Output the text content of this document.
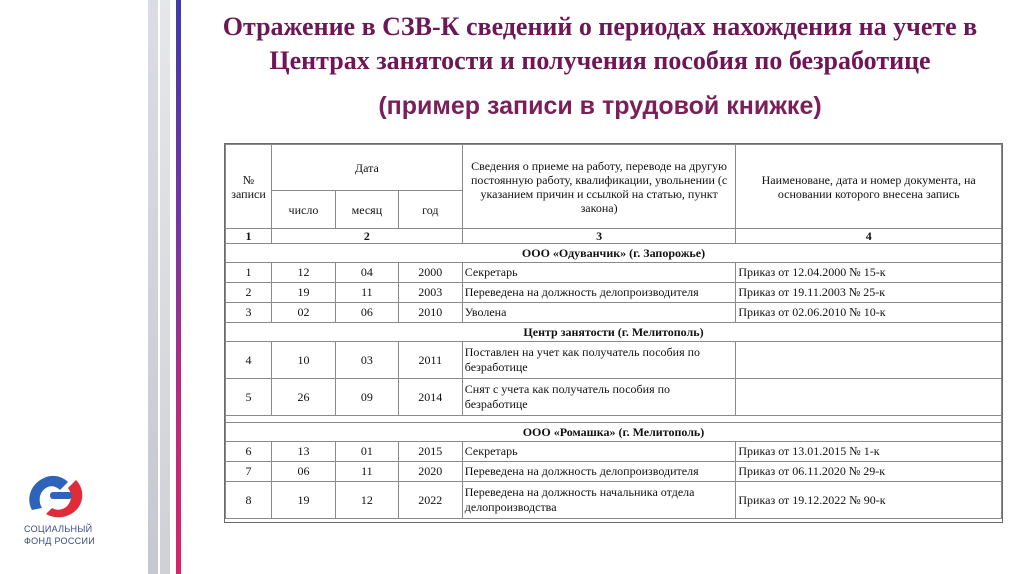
Отражение в СЗВ-К сведений о периодах нахождения на учете в Центрах занятости и получения пособия по безработице
(пример записи в трудовой книжке)
№ записи	Дата			Сведения о приеме на работу, переводе на другую постоянную работу, квалификации, увольнении (с указанием причин и ссылкой на статью, пункт закона)	Наименоване, дата и номер документа, на основании которого внесена запись
	число	месяц	год		
1	2			3	4
ООО «Одуванчик» (г. Запорожье)					
1	12	04	2000	Секретарь	Приказ от 12.04.2000 № 15-к
2	19	11	2003	Переведена на должность делопроизводителя	Приказ от 19.11.2003 № 25-к
3	02	06	2010	Уволена	Приказ от 02.06.2010 № 10-к
Центр занятости (г. Мелитополь)					
4	10	03	2011	Поставлен на учет как получатель пособия по безработице	
5	26	09	2014	Снят с учета как получатель пособия по безработице	

ООО «Ромашка» (г. Мелитополь)					
6	13	01	2015	Секретарь	Приказ от 13.01.2015 № 1-к
7	06	11	2020	Переведена на должность делопроизводителя	Приказ от 06.11.2020 № 29-к
8	19	12	2022	Переведена на должность начальника отдела делопроизводства	Приказ от 19.12.2022 № 90-к
СОЦИАЛЬНЫЙ
ФОНД РОССИИ
